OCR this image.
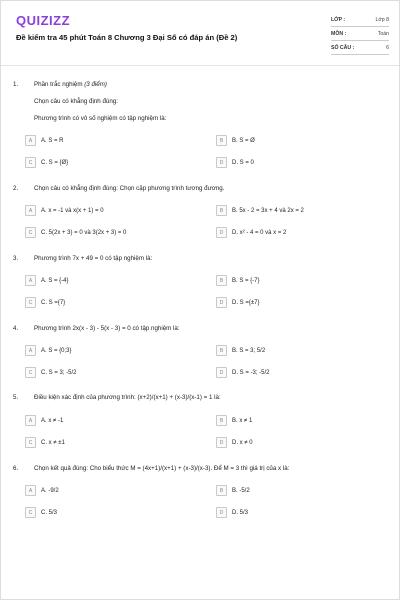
QUIZIZZ
Đề kiểm tra 45 phút Toán 8 Chương 3 Đại Số có đáp án (Đề 2)
LỚP :	Lớp 8
MÔN :	Toán
SỐ CÂU :	6
1.	Phần trắc nghiệm (3 điểm)
Chọn câu có khẳng định đúng:
Phương trình có vô số nghiệm có tập nghiệm là:
A	A. S = R	B	B. S = Ø
C	C. S = {Ø}	D	D. S = 0
2.	Chọn câu có khẳng định đúng: Chọn cặp phương trình tương đương.
A	A. x = -1 và x(x + 1) = 0	B	B. 5x - 2 = 3x + 4 và 2x = 2
C	C. 5(2x + 3) = 0 và 3(2x + 3) = 0	D	D. x² - 4 = 0 và x = 2
3.	Phương trình 7x + 49 = 0 có tập nghiệm là:
A	A. S = {-4}	B	B. S = {-7}
C	C. S ={7}	D	D. S ={±7}
4.	Phương trình 2x(x - 3) - 5(x - 3) = 0 có tập nghiệm là:
A	A. S = {0;3}	B	B. S = 3; 5/2
C	C. S = 3; -5/2	D	D. S = -3; -5/2
5.	Điều kiện xác định của phương trình: (x+2)/(x+1) + (x-3)/(x-1) = 1 là:
A	A. x ≠ -1	B	B. x ≠ 1
C	C. x ≠ ±1	D	D. x ≠ 0
6.	Chọn kết quả đúng: Cho biểu thức M = (4x+1)/(x+1) + (x-3)/(x-3). Để M = 3 thì giá trị của x là:
A	A. -9/2	B	B. -5/2
C	C. 5/3	D	D. 5/3
